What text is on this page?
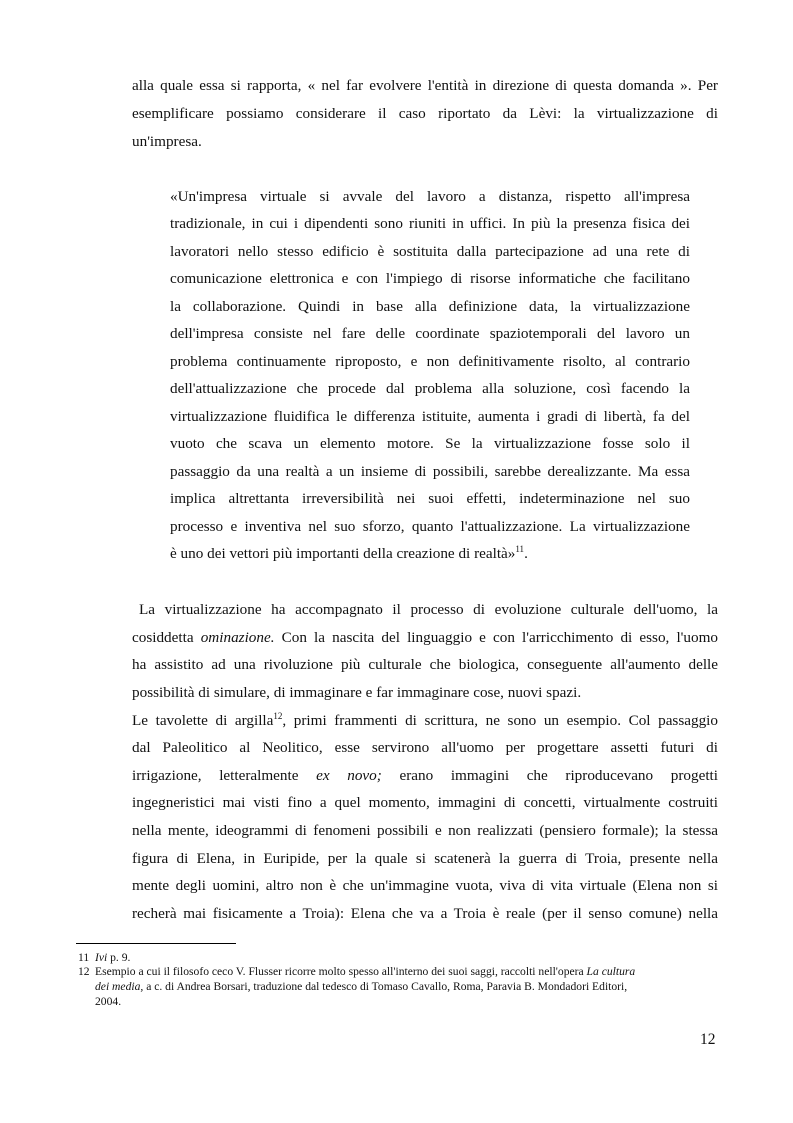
alla quale essa si rapporta, « nel far evolvere l'entità in direzione di questa domanda ». Per
esemplificare possiamo considerare il caso riportato da Lèvi: la virtualizzazione di
un'impresa.
«Un'impresa virtuale si avvale del lavoro a distanza, rispetto all'impresa
tradizionale, in cui i dipendenti sono riuniti in uffici. In più la presenza fisica dei
lavoratori nello stesso edificio è sostituita dalla partecipazione ad una rete di
comunicazione elettronica e con l'impiego di risorse informatiche che facilitano
la collaborazione. Quindi in base alla definizione data, la virtualizzazione
dell'impresa consiste nel fare delle coordinate spaziotemporali del lavoro un
problema continuamente riproposto, e non definitivamente risolto, al contrario
dell'attualizzazione che procede dal problema alla soluzione, così facendo la
virtualizzazione fluidifica le differenza istituite, aumenta i gradi di libertà, fa del
vuoto che scava un elemento motore. Se la virtualizzazione fosse solo il
passaggio da una realtà a un insieme di possibili, sarebbe derealizzante. Ma essa
implica altrettanta irreversibilità nei suoi effetti, indeterminazione nel suo
processo e inventiva nel suo sforzo, quanto l'attualizzazione. La virtualizzazione
è uno dei vettori più importanti della creazione di realtà»$^{11}$.
La virtualizzazione ha accompagnato il processo di evoluzione culturale dell'uomo, la
cosiddetta ominazione. Con la nascita del linguaggio e con l'arricchimento di esso, l'uomo
ha assistito ad una rivoluzione più culturale che biologica, conseguente all'aumento delle
possibilità di simulare, di immaginare e far immaginare cose, nuovi spazi.
Le tavolette di argilla$^{12}$, primi frammenti di scrittura, ne sono un esempio. Col passaggio
dal Paleolitico al Neolitico, esse servirono all'uomo per progettare assetti futuri di
irrigazione, letteralmente ex novo; erano immagini che riproducevano progetti
ingegneristici mai visti fino a quel momento, immagini di concetti, virtualmente costruiti
nella mente, ideogrammi di fenomeni possibili e non realizzati (pensiero formale); la stessa
figura di Elena, in Euripide, per la quale si scatenerà la guerra di Troia, presente nella
mente degli uomini, altro non è che un'immagine vuota, viva di vita virtuale (Elena non si
recherà mai fisicamente a Troia): Elena che va a Troia è reale (per il senso comune) nella
11 Ivi p. 9.
12 Esempio a cui il filosofo ceco V. Flusser ricorre molto spesso all'interno dei suoi saggi, raccolti nell'opera La cultura
dei media, a c. di Andrea Borsari, traduzione dal tedesco di Tomaso Cavallo, Roma, Paravia B. Mondadori Editori,
2004.
12
